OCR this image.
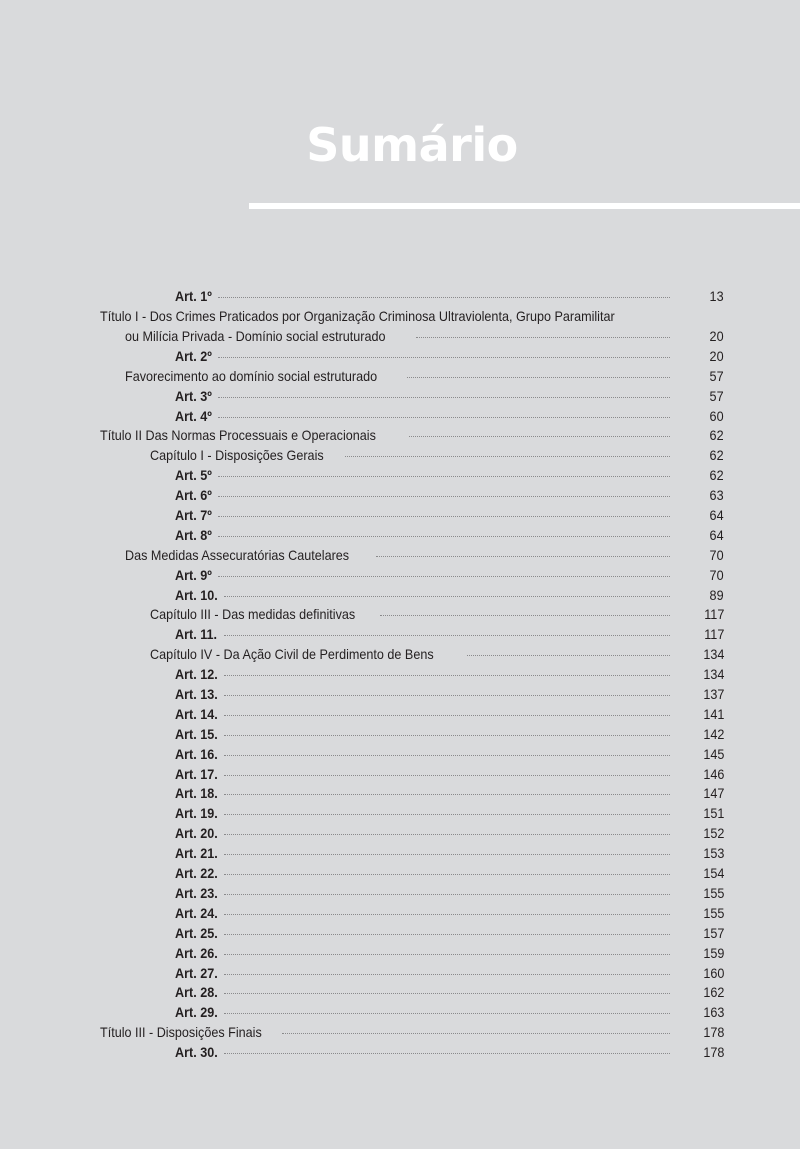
Sumário
Art. 1º	13
Título I - Dos Crimes Praticados por Organização Criminosa Ultraviolenta, Grupo Paramilitar
ou Milícia Privada - Domínio social estruturado	20
Art. 2º	20
Favorecimento ao domínio social estruturado	57
Art. 3º	57
Art. 4º	60
Título II Das Normas Processuais e Operacionais	62
Capítulo I - Disposições Gerais	62
Art. 5º	62
Art. 6º	63
Art. 7º	64
Art. 8º	64
Das Medidas Assecuratórias Cautelares	70
Art. 9º	70
Art. 10.	89
Capítulo III - Das medidas definitivas	117
Art. 11.	117
Capítulo IV - Da Ação Civil de Perdimento de Bens	134
Art. 12.	134
Art. 13.	137
Art. 14.	141
Art. 15.	142
Art. 16.	145
Art. 17.	146
Art. 18.	147
Art. 19.	151
Art. 20.	152
Art. 21.	153
Art. 22.	154
Art. 23.	155
Art. 24.	155
Art. 25.	157
Art. 26.	159
Art. 27.	160
Art. 28.	162
Art. 29.	163
Título III - Disposições Finais	178
Art. 30.	178
